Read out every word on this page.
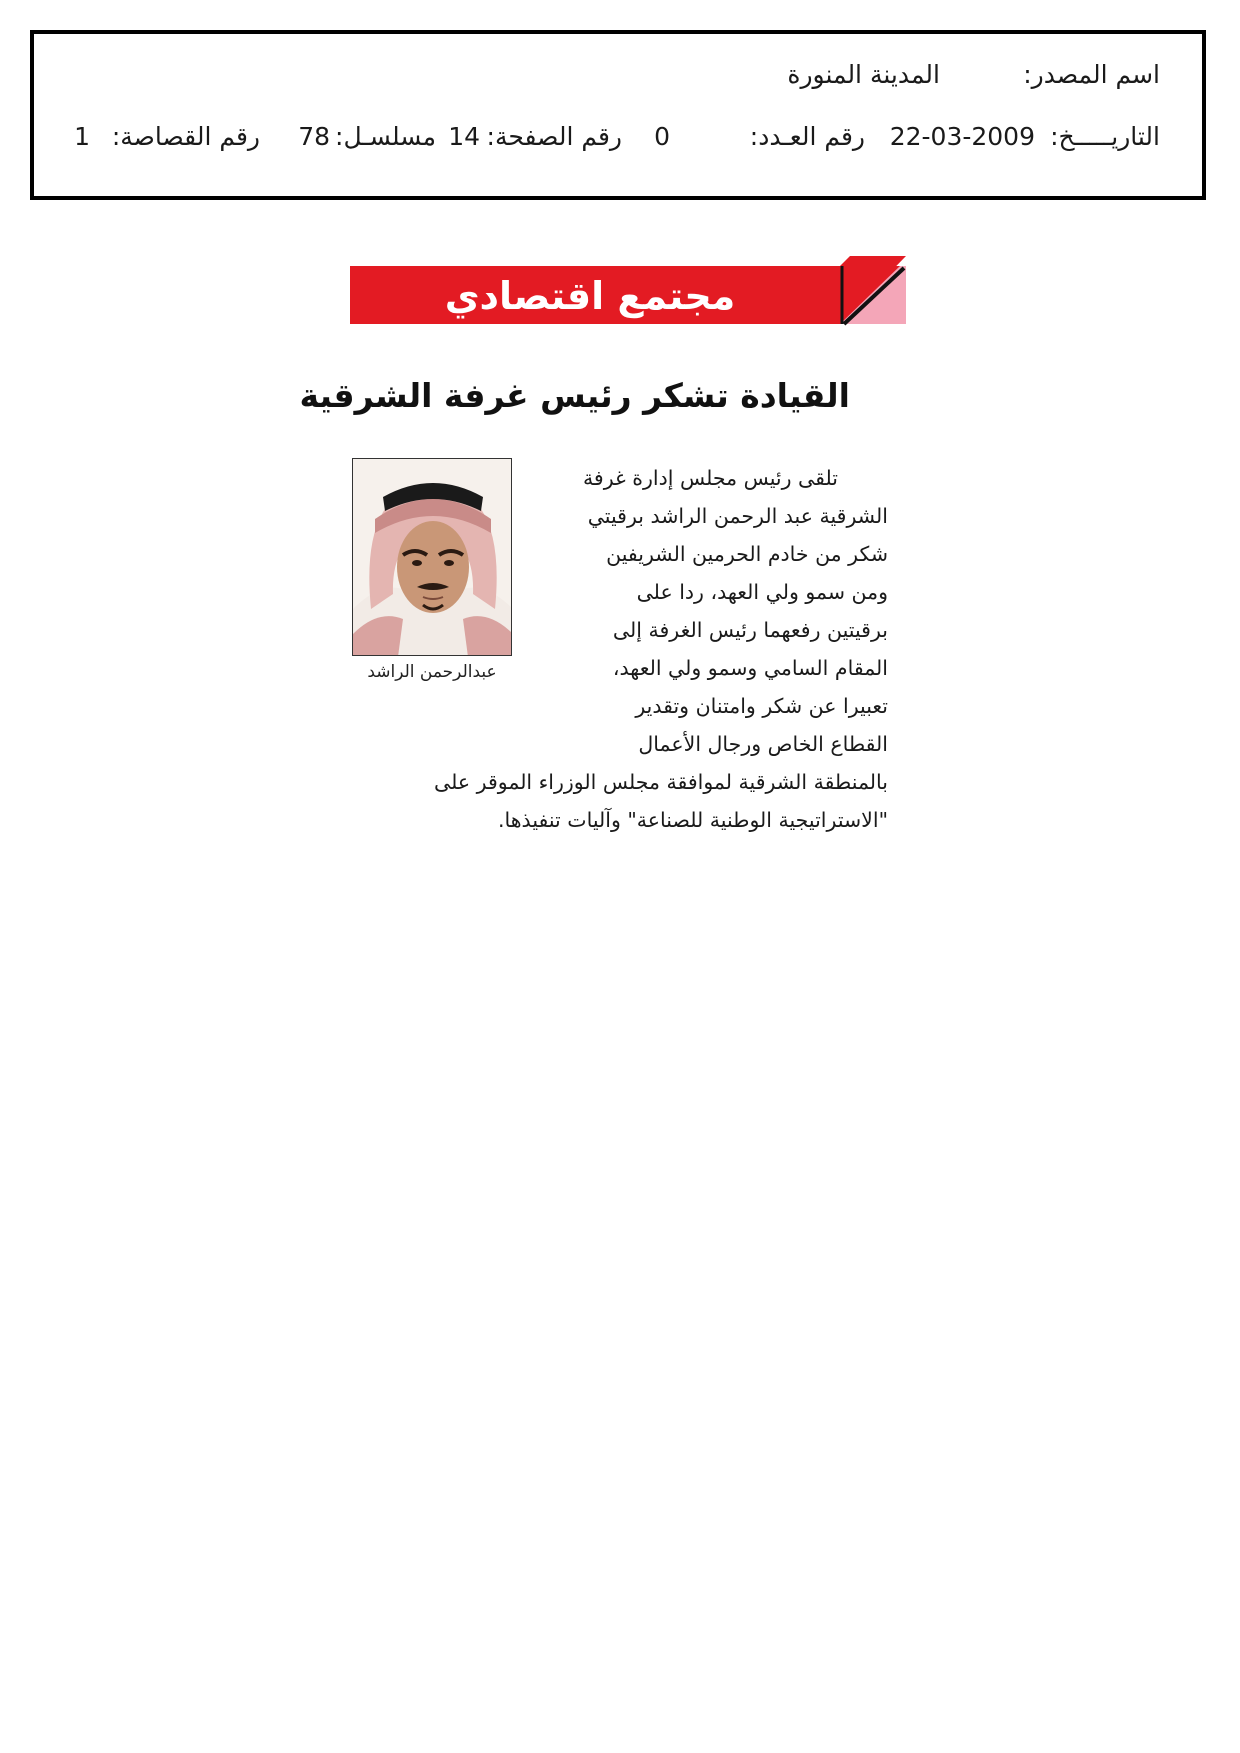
اسم المصدر:
المدينة المنورة
التاريـــــخ:
22-03-2009
رقم العـدد:
0
رقم الصفحة:
14
مسلسـل:
78
رقم القصاصة:
1
مجتمع اقتصادي
القيادة تشكر رئيس غرفة الشرقية
عبدالرحمن الراشد
تلقى رئيس مجلس إدارة غرفة
الشرقية عبد الرحمن الراشد برقيتي
شكر من خادم الحرمين الشريفين
ومن سمو ولي العهد، ردا على
برقيتين رفعهما رئيس الغرفة إلى
المقام السامي وسمو ولي العهد،
تعبيرا عن شكر وامتنان وتقدير
القطاع الخاص ورجال الأعمال
بالمنطقة الشرقية لموافقة مجلس الوزراء الموقر على
"الاستراتيجية الوطنية للصناعة" وآليات تنفيذها.
